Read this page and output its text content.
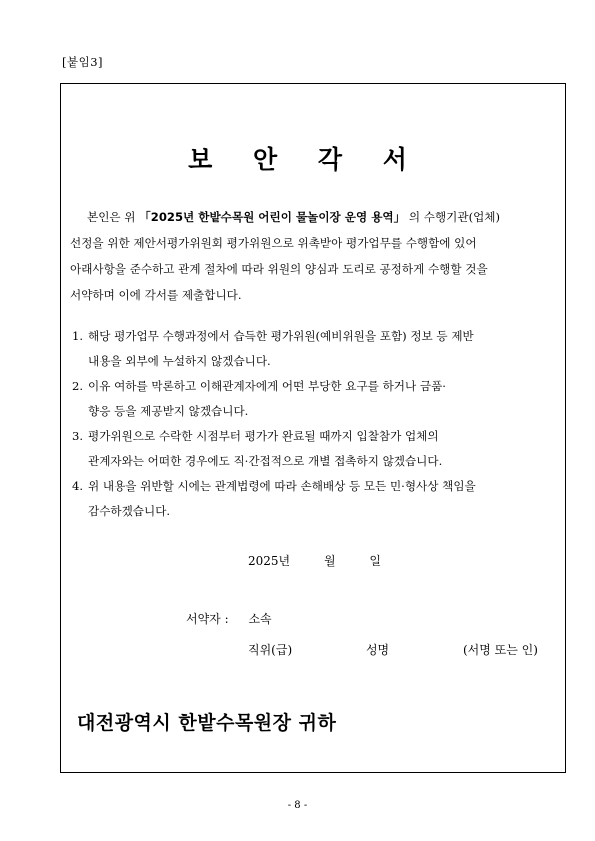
[붙임3]
보 안 각 서
본인은 위 「2025년 한밭수목원 어린이 물놀이장 운영 용역」 의 수행기관(업체)
선정을 위한 제안서평가위원회 평가위원으로 위촉받아 평가업무를 수행함에 있어
아래사항을 준수하고 관계 절차에 따라 위원의 양심과 도리로 공정하게 수행할 것을
서약하며 이에 각서를 제출합니다.
1. 해당 평가업무 수행과정에서 습득한 평가위원(예비위원을 포함) 정보 등 제반
내용을 외부에 누설하지 않겠습니다.
2. 이유 여하를 막론하고 이해관계자에게 어떤 부당한 요구를 하거나 금품·
향응 등을 제공받지 않겠습니다.
3. 평가위원으로 수락한 시점부터 평가가 완료될 때까지 입찰참가 업체의
관계자와는 어떠한 경우에도 직·간접적으로 개별 접촉하지 않겠습니다.
4. 위 내용을 위반할 시에는 관계법령에 따라 손해배상 등 모든 민·형사상 책임을
감수하겠습니다.
2025년	월	일
서약자 : 소속
직위(급)	성명	(서명 또는 인)
대전광역시 한밭수목원장 귀하
- 8 -
